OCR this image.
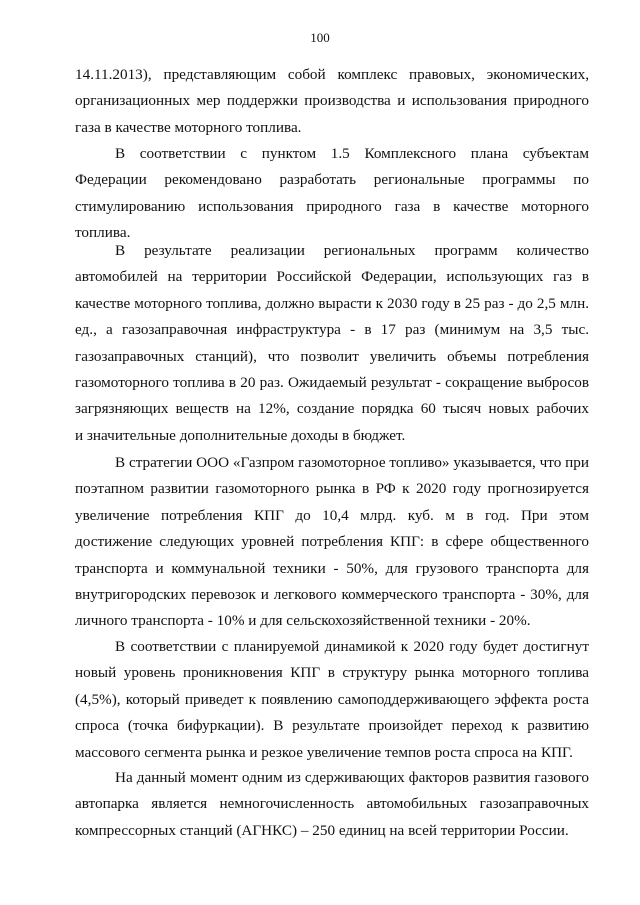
100
14.11.2013), представляющим собой комплекс правовых, экономических,
организационных мер поддержки производства и использования природного
газа в качестве моторного топлива.
В соответствии с пунктом 1.5 Комплексного плана субъектам
Федерации рекомендовано разработать региональные программы по
стимулированию использования природного газа в качестве моторного
топлива.
В результате реализации региональных программ количество
автомобилей на территории Российской Федерации, использующих газ в
качестве моторного топлива, должно вырасти к 2030 году в 25 раз - до 2,5 млн.
ед., а газозаправочная инфраструктура - в 17 раз (минимум на 3,5 тыс.
газозаправочных станций), что позволит увеличить объемы потребления
газомоторного топлива в 20 раз. Ожидаемый результат - сокращение выбросов
загрязняющих веществ на 12%, создание порядка 60 тысяч новых рабочих
и значительные дополнительные доходы в бюджет.
В стратегии ООО «Газпром газомоторное топливо» указывается, что при
поэтапном развитии газомоторного рынка в РФ к 2020 году прогнозируется
увеличение потребления КПГ до 10,4 млрд. куб. м в год. При этом
достижение следующих уровней потребления КПГ: в сфере общественного
транспорта и коммунальной техники - 50%, для грузового транспорта для
внутригородских перевозок и легкового коммерческого транспорта - 30%, для
личного транспорта - 10% и для сельскохозяйственной техники - 20%.
В соответствии с планируемой динамикой к 2020 году будет достигнут
новый уровень проникновения КПГ в структуру рынка моторного топлива
(4,5%), который приведет к появлению самоподдерживающего эффекта роста
спроса (точка бифуркации). В результате произойдет переход к развитию
массового сегмента рынка и резкое увеличение темпов роста спроса на КПГ.
На данный момент одним из сдерживающих факторов развития газового
автопарка является немногочисленность автомобильных газозаправочных
компрессорных станций (АГНКС) – 250 единиц на всей территории России.
